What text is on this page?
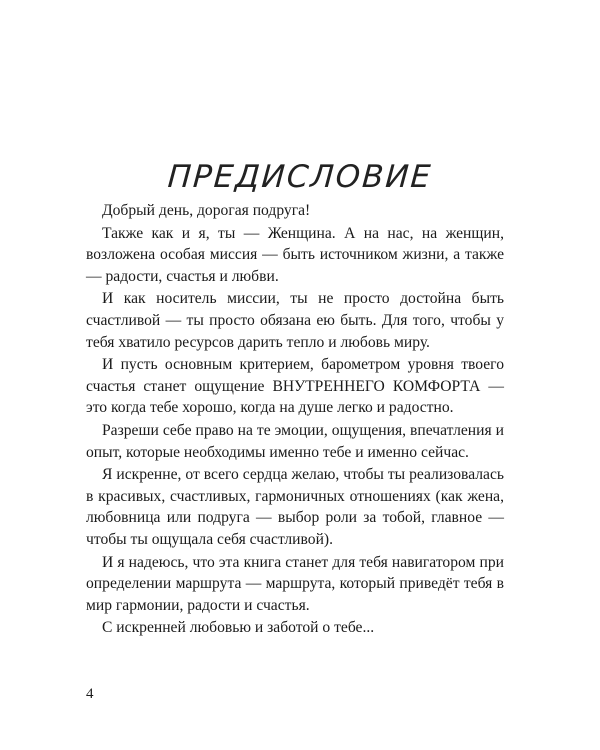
ПРЕДИСЛОВИЕ

Добрый день, дорогая подруга!

Также как и я, ты — Женщина. А на нас, на женщин, возложена особая миссия — быть источником жизни, а также — радости, счастья и любви.

И как носитель миссии, ты не просто достойна быть счастливой — ты просто обязана ею быть. Для того, чтобы у тебя хватило ресурсов дарить тепло и любовь миру.

И пусть основным критерием, барометром уровня твоего счастья станет ощущение ВНУТРЕННЕГО КОМФОРТА — это когда тебе хорошо, когда на душе легко и радостно.

Разреши себе право на те эмоции, ощущения, впечатления и опыт, которые необходимы именно тебе и именно сейчас.

Я искренне, от всего сердца желаю, чтобы ты реализовалась в красивых, счастливых, гармоничных отношениях (как жена, любовница или подруга — выбор роли за тобой, главное — чтобы ты ощущала себя счастливой).

И я надеюсь, что эта книга станет для тебя навигатором при определении маршрута — маршрута, который приведёт тебя в мир гармонии, радости и счастья.

С искренней любовью и заботой о тебе...

4
